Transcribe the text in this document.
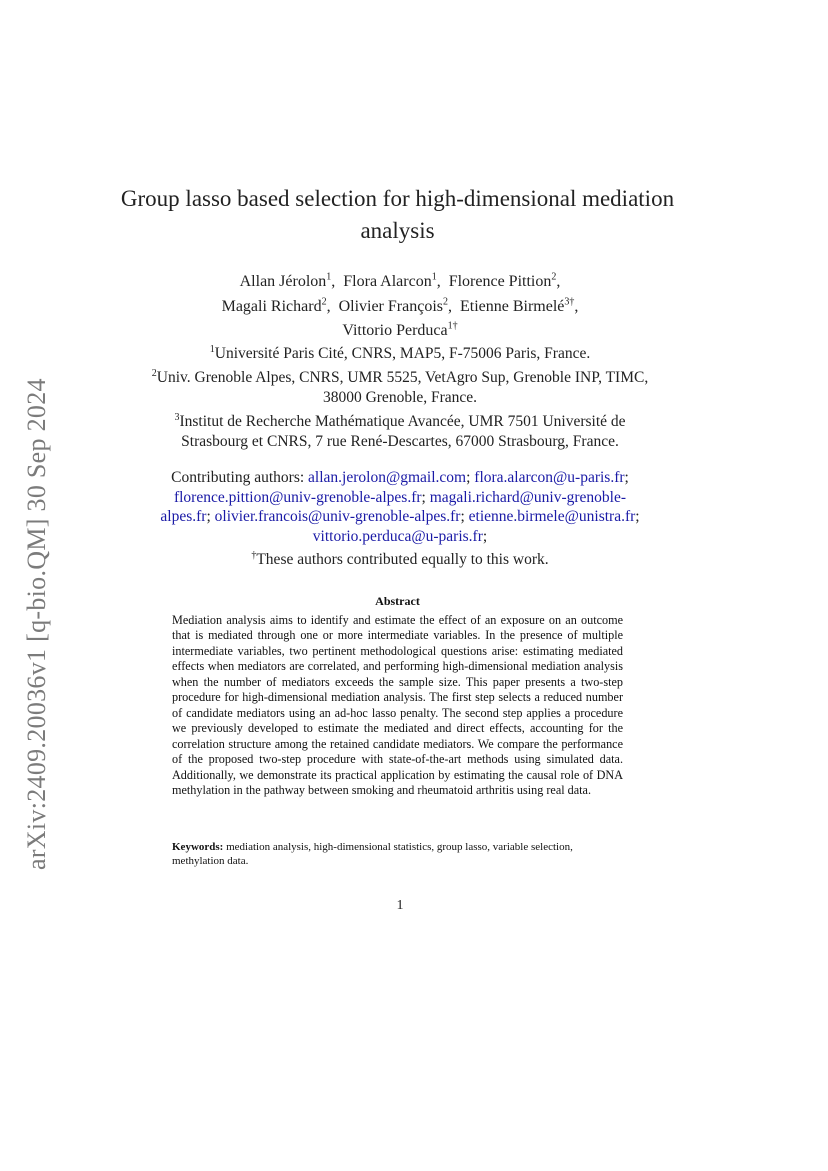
arXiv:2409.20036v1 [q-bio.QM] 30 Sep 2024
Group lasso based selection for high-dimensional mediation analysis
Allan Jérolon$^1$, Flora Alarcon$^1$, Florence Pittion$^2$,
Magali Richard$^2$, Olivier François$^2$, Etienne Birmelé$^{3\dagger}$,
Vittorio Perduca$^{1\dagger}$
$^1$Université Paris Cité, CNRS, MAP5, F-75006 Paris, France.
$^2$Univ. Grenoble Alpes, CNRS, UMR 5525, VetAgro Sup, Grenoble INP, TIMC, 38000 Grenoble, France.
$^3$Institut de Recherche Mathématique Avancée, UMR 7501 Université de Strasbourg et CNRS, 7 rue René-Descartes, 67000 Strasbourg, France.
Contributing authors: allan.jerolon@gmail.com; flora.alarcon@u-paris.fr; florence.pittion@univ-grenoble-alpes.fr; magali.richard@univ-grenoble-alpes.fr; olivier.francois@univ-grenoble-alpes.fr; etienne.birmele@unistra.fr; vittorio.perduca@u-paris.fr;
†These authors contributed equally to this work.
Abstract
Mediation analysis aims to identify and estimate the effect of an exposure on an outcome that is mediated through one or more intermediate variables. In the presence of multiple intermediate variables, two pertinent methodological questions arise: estimating mediated effects when mediators are correlated, and performing high-dimensional mediation analysis when the number of mediators exceeds the sample size. This paper presents a two-step procedure for high-dimensional mediation analysis. The first step selects a reduced number of candidate mediators using an ad-hoc lasso penalty. The second step applies a procedure we previously developed to estimate the mediated and direct effects, accounting for the correlation structure among the retained candidate mediators. We compare the performance of the proposed two-step procedure with state-of-the-art methods using simulated data. Additionally, we demonstrate its practical application by estimating the causal role of DNA methylation in the pathway between smoking and rheumatoid arthritis using real data.
Keywords: mediation analysis, high-dimensional statistics, group lasso, variable selection, methylation data.
1
